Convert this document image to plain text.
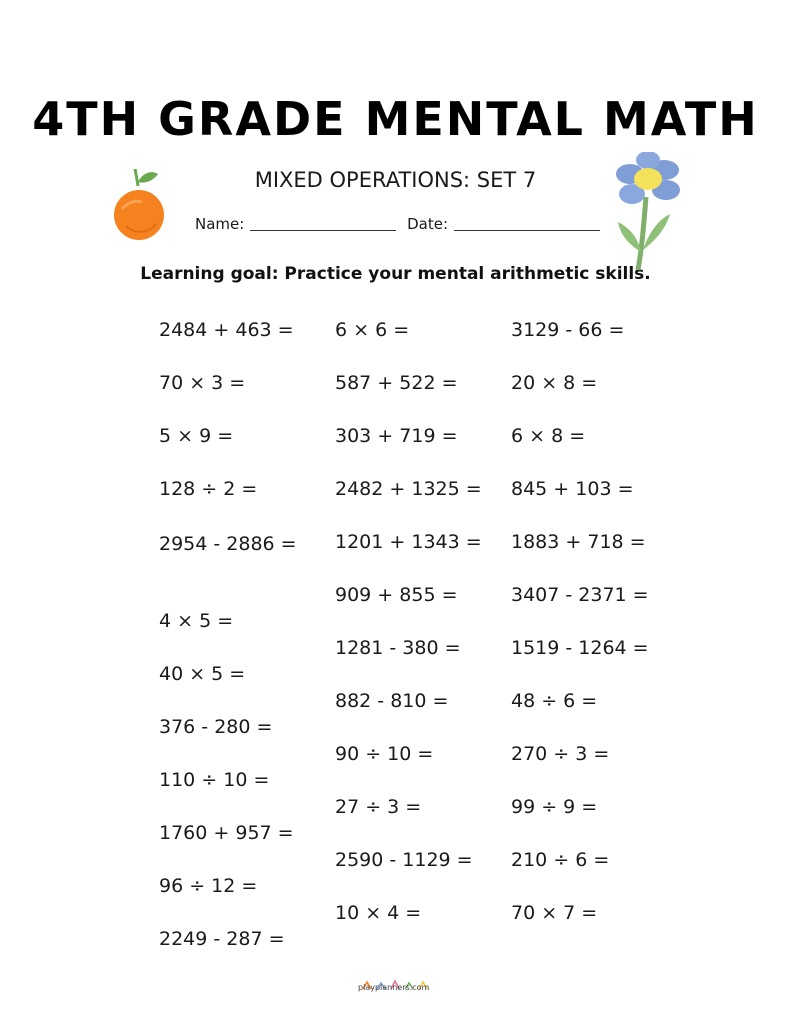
4TH GRADE MENTAL MATH
MIXED OPERATIONS: SET 7
Name:	Date:
Learning goal: Practice your mental arithmetic skills.
2484 + 463 =
70 × 3 =
5 × 9 =
128 ÷ 2 =
2954 - 2886 =
4 × 5 =
40 × 5 =
376 - 280 =
110 ÷ 10 =
1760 + 957 =
96 ÷ 12 =
2249 - 287 =
6 × 6 =
587 + 522 =
303 + 719 =
2482 + 1325 =
1201 + 1343 =
909 + 855 =
1281 - 380 =
882 - 810 =
90 ÷ 10 =
27 ÷ 3 =
2590 - 1129 =
10 × 4 =
3129 - 66 =
20 × 8 =
6 × 8 =
845 + 103 =
1883 + 718 =
3407 - 2371 =
1519 - 1264 =
48 ÷ 6 =
270 ÷ 3 =
99 ÷ 9 =
210 ÷ 6 =
70 × 7 =
playplanners.com
